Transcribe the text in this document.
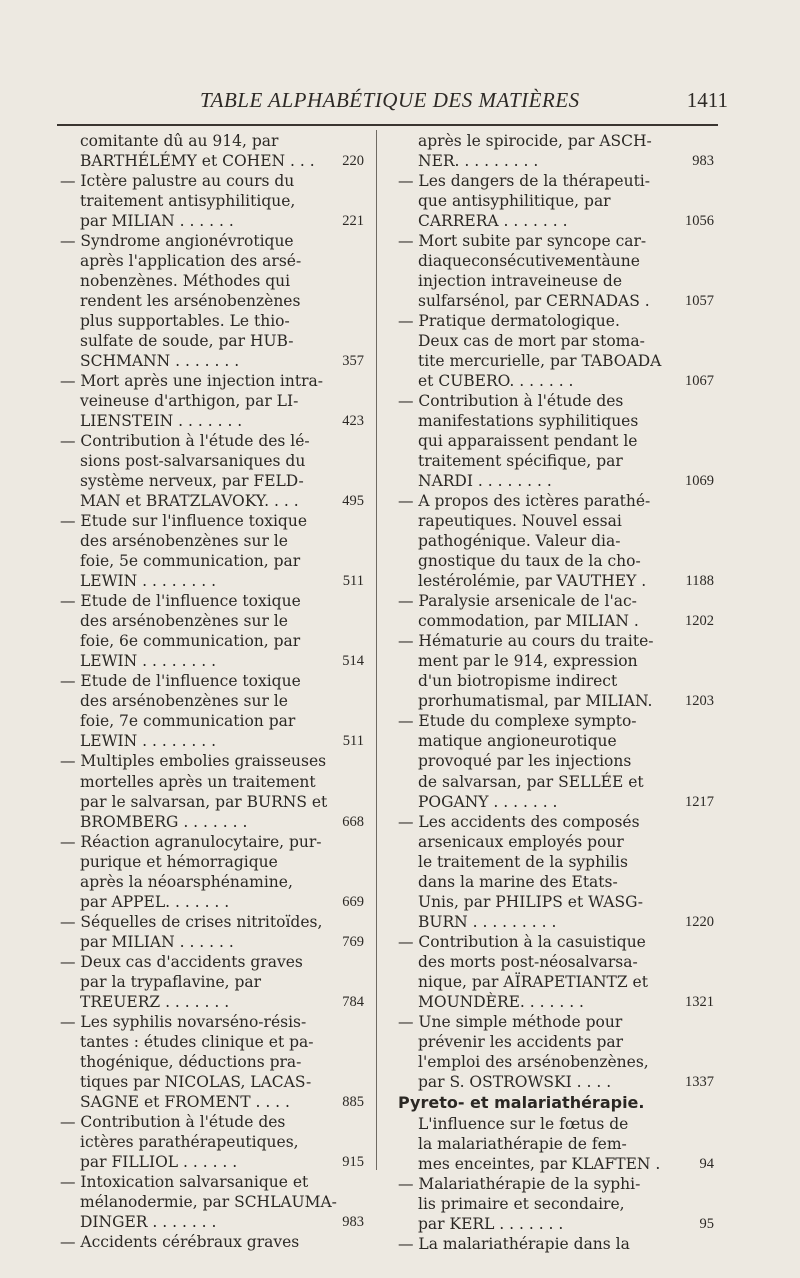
TABLE ALPHABÉTIQUE DES MATIÈRES	1411
comitante dû au 914, par
BARTHÉLÉMY et COHEN . . .	220
— Ictère palustre au cours du
traitement antisyphilitique,
par MILIAN . . . . . .	221
— Syndrome angionévrotique
après l'application des arsé-
nobenzènes. Méthodes qui
rendent les arsénobenzènes
plus supportables. Le thio-
sulfate de soude, par HUB-
SCHMANN . . . . . . .	357
— Mort après une injection intra-
veineuse d'arthigon, par LI-
LIENSTEIN . . . . . . .	423
— Contribution à l'étude des lé-
sions post-salvarsaniques du
système nerveux, par FELD-
MAN et BRATZLAVOKY. . . .	495
— Etude sur l'influence toxique
des arsénobenzènes sur le
foie, 5e communication, par
LEWIN . . . . . . . .	511
— Etude de l'influence toxique
des arsénobenzènes sur le
foie, 6e communication, par
LEWIN . . . . . . . .	514
— Etude de l'influence toxique
des arsénobenzènes sur le
foie, 7e communication par
LEWIN . . . . . . . .	511
— Multiples embolies graisseuses
mortelles après un traitement
par le salvarsan, par BURNS et
BROMBERG . . . . . . .	668
— Réaction agranulocytaire, pur-
purique et hémorragique
après la néoarsphénamine,
par APPEL. . . . . . .	669
— Séquelles de crises nitritoïdes,
par MILIAN . . . . . .	769
— Deux cas d'accidents graves
par la trypaflavine, par
TREUERZ . . . . . . .	784
— Les syphilis novarséno-résis-
tantes : études clinique et pa-
thogénique, déductions pra-
tiques par NICOLAS, LACAS-
SAGNE et FROMENT . . . .	885
— Contribution à l'étude des
ictères parathérapeutiques,
par FILLIOL . . . . . .	915
— Intoxication salvarsanique et
mélanodermie, par SCHLAUMA-
DINGER . . . . . . .	983
— Accidents cérébraux graves
après le spirocide, par ASCH-
NER. . . . . . . . .	983
— Les dangers de la thérapeuti-
que antisyphilitique, par
CARRERA . . . . . . .	1056
— Mort subite par syncope car-
diaqueconsécutiveмentàune
injection intraveineuse de
sulfarsénol, par CERNADAS .	1057
— Pratique dermatologique.
Deux cas de mort par stoma-
tite mercurielle, par TABOADA
et CUBERO. . . . . . .	1067
— Contribution à l'étude des
manifestations syphilitiques
qui apparaissent pendant le
traitement spécifique, par
NARDI . . . . . . . .	1069
— A propos des ictères parathé-
rapeutiques. Nouvel essai
pathogénique. Valeur dia-
gnostique du taux de la cho-
lestérolémie, par VAUTHEY .	1188
— Paralysie arsenicale de l'ac-
commodation, par MILIAN .	1202
— Hématurie au cours du traite-
ment par le 914, expression
d'un biotropisme indirect
prorhumatismal, par MILIAN.	1203
— Etude du complexe sympto-
matique angioneurotique
provoqué par les injections
de salvarsan, par SELLÉE et
POGANY . . . . . . .	1217
— Les accidents des composés
arsenicaux employés pour
le traitement de la syphilis
dans la marine des Etats-
Unis, par PHILIPS et WASG-
BURN . . . . . . . . .	1220
— Contribution à la casuistique
des morts post-néosalvarsa-
nique, par AÏRAPETIANTZ et
MOUNDÈRE. . . . . . .	1321
— Une simple méthode pour
prévenir les accidents par
l'emploi des arsénobenzènes,
par S. OSTROWSKI . . . .	1337
Pyreto- et malariathérapie.
L'influence sur le fœtus de
la malariathérapie de fem-
mes enceintes, par KLAFTEN .	94
— Malariathérapie de la syphi-
lis primaire et secondaire,
par KERL . . . . . . .	95
— La malariathérapie dans la
